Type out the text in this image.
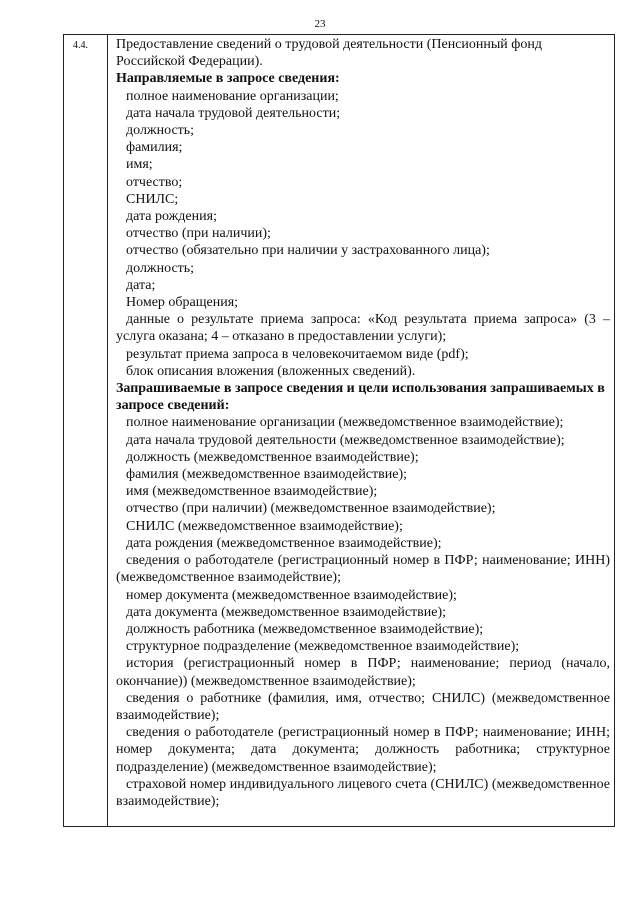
23
4.4. Предоставление сведений о трудовой деятельности (Пенсионный фонд Российской Федерации).

Направляемые в запросе сведения:

полное наименование организации;

дата начала трудовой деятельности;

должность;

фамилия;

имя;

отчество;

СНИЛС;

дата рождения;

отчество (при наличии);

отчество (обязательно при наличии у застрахованного лица);

должность;

дата;

Номер обращения;

данные о результате приема запроса: «Код результата приема запроса» (3 – услуга оказана; 4 – отказано в предоставлении услуги);

результат приема запроса в человекочитаемом виде (pdf);

блок описания вложения (вложенных сведений).

Запрашиваемые в запросе сведения и цели использования запрашиваемых в запросе сведений:

полное наименование организации (межведомственное взаимодействие);

дата начала трудовой деятельности (межведомственное взаимодействие);

должность (межведомственное взаимодействие);

фамилия (межведомственное взаимодействие);

имя (межведомственное взаимодействие);

отчество (при наличии) (межведомственное взаимодействие);

СНИЛС (межведомственное взаимодействие);

дата рождения (межведомственное взаимодействие);

сведения о работодателе (регистрационный номер в ПФР; наименование; ИНН) (межведомственное взаимодействие);

номер документа (межведомственное взаимодействие);

дата документа (межведомственное взаимодействие);

должность работника (межведомственное взаимодействие);

структурное подразделение (межведомственное взаимодействие);

история (регистрационный номер в ПФР; наименование; период (начало, окончание)) (межведомственное взаимодействие);

сведения о работнике (фамилия, имя, отчество; СНИЛС) (межведомственное взаимодействие);

сведения о работодателе (регистрационный номер в ПФР; наименование; ИНН; номер документа; дата документа; должность работника; структурное подразделение) (межведомственное взаимодействие);

страховой номер индивидуального лицевого счета (СНИЛС) (межведомственное взаимодействие);
